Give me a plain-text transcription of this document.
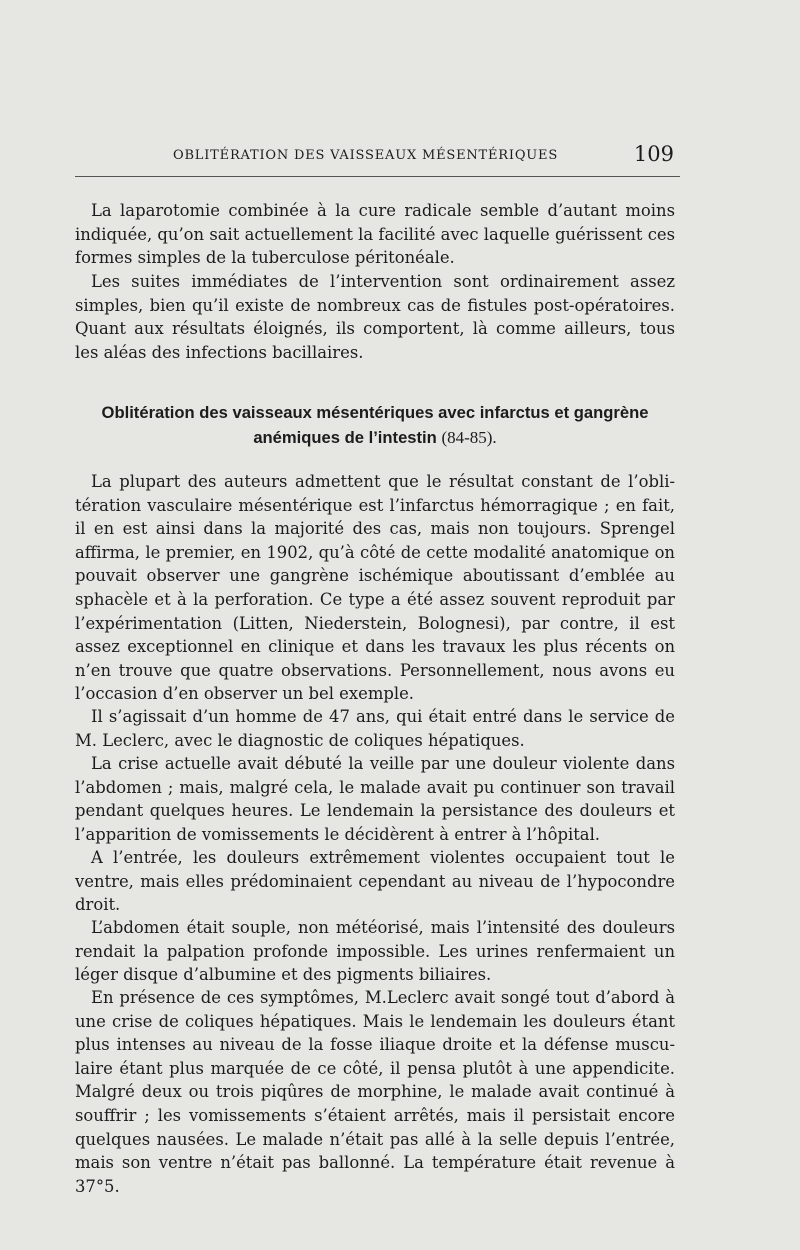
OBLITÉRATION DES VAISSEAUX MÉSENTÉRIQUES	109

La laparotomie combinée à la cure radicale semble d’autant moins indiquée, qu’on sait actuellement la facilité avec laquelle guérissent ces formes simples de la tuberculose péritonéale.

Les suites immédiates de l’intervention sont ordinairement assez simples, bien qu’il existe de nombreux cas de fistules post-opératoires. Quant aux résultats éloignés, ils comportent, là comme ailleurs, tous les aléas des infections bacillaires.

Oblitération des vaisseaux mésentériques avec infarctus et gangrène anémiques de l’intestin (84-85).

La plupart des auteurs admettent que le résultat constant de l’oblitération vasculaire mésentérique est l’infarctus hémorragique ; en fait, il en est ainsi dans la majorité des cas, mais non toujours. Sprengel affirma, le premier, en 1902, qu’à côté de cette modalité anatomique on pouvait observer une gangrène ischémique aboutissant d’emblée au sphacèle et à la perforation. Ce type a été assez souvent reproduit par l’expérimentation (Litten, Niederstein, Bolognesi), par contre, il est assez exceptionnel en clinique et dans les travaux les plus récents on n’en trouve que quatre observations. Personnellement, nous avons eu l’occasion d’en observer un bel exemple.

Il s’agissait d’un homme de 47 ans, qui était entré dans le service de M. Leclerc, avec le diagnostic de coliques hépatiques.

La crise actuelle avait débuté la veille par une douleur violente dans l’abdomen ; mais, malgré cela, le malade avait pu continuer son travail pendant quelques heures. Le lendemain la persistance des douleurs et l’apparition de vomissements le décidèrent à entrer à l’hôpital.

A l’entrée, les douleurs extrêmement violentes occupaient tout le ventre, mais elles prédominaient cependant au niveau de l’hypocondre droit.

L’abdomen était souple, non météorisé, mais l’intensité des douleurs rendait la palpation profonde impossible. Les urines renfermaient un léger disque d’albumine et des pigments biliaires.

En présence de ces symptômes, M.Leclerc avait songé tout d’abord à une crise de coliques hépatiques. Mais le lendemain les douleurs étant plus intenses au niveau de la fosse iliaque droite et la défense musculaire étant plus marquée de ce côté, il pensa plutôt à une appendicite. Malgré deux ou trois piqûres de morphine, le malade avait continué à souffrir ; les vomissements s’étaient arrêtés, mais il persistait encore quelques nausées. Le malade n’était pas allé à la selle depuis l’entrée, mais son ventre n’était pas ballonné. La température était revenue à 37°5.
